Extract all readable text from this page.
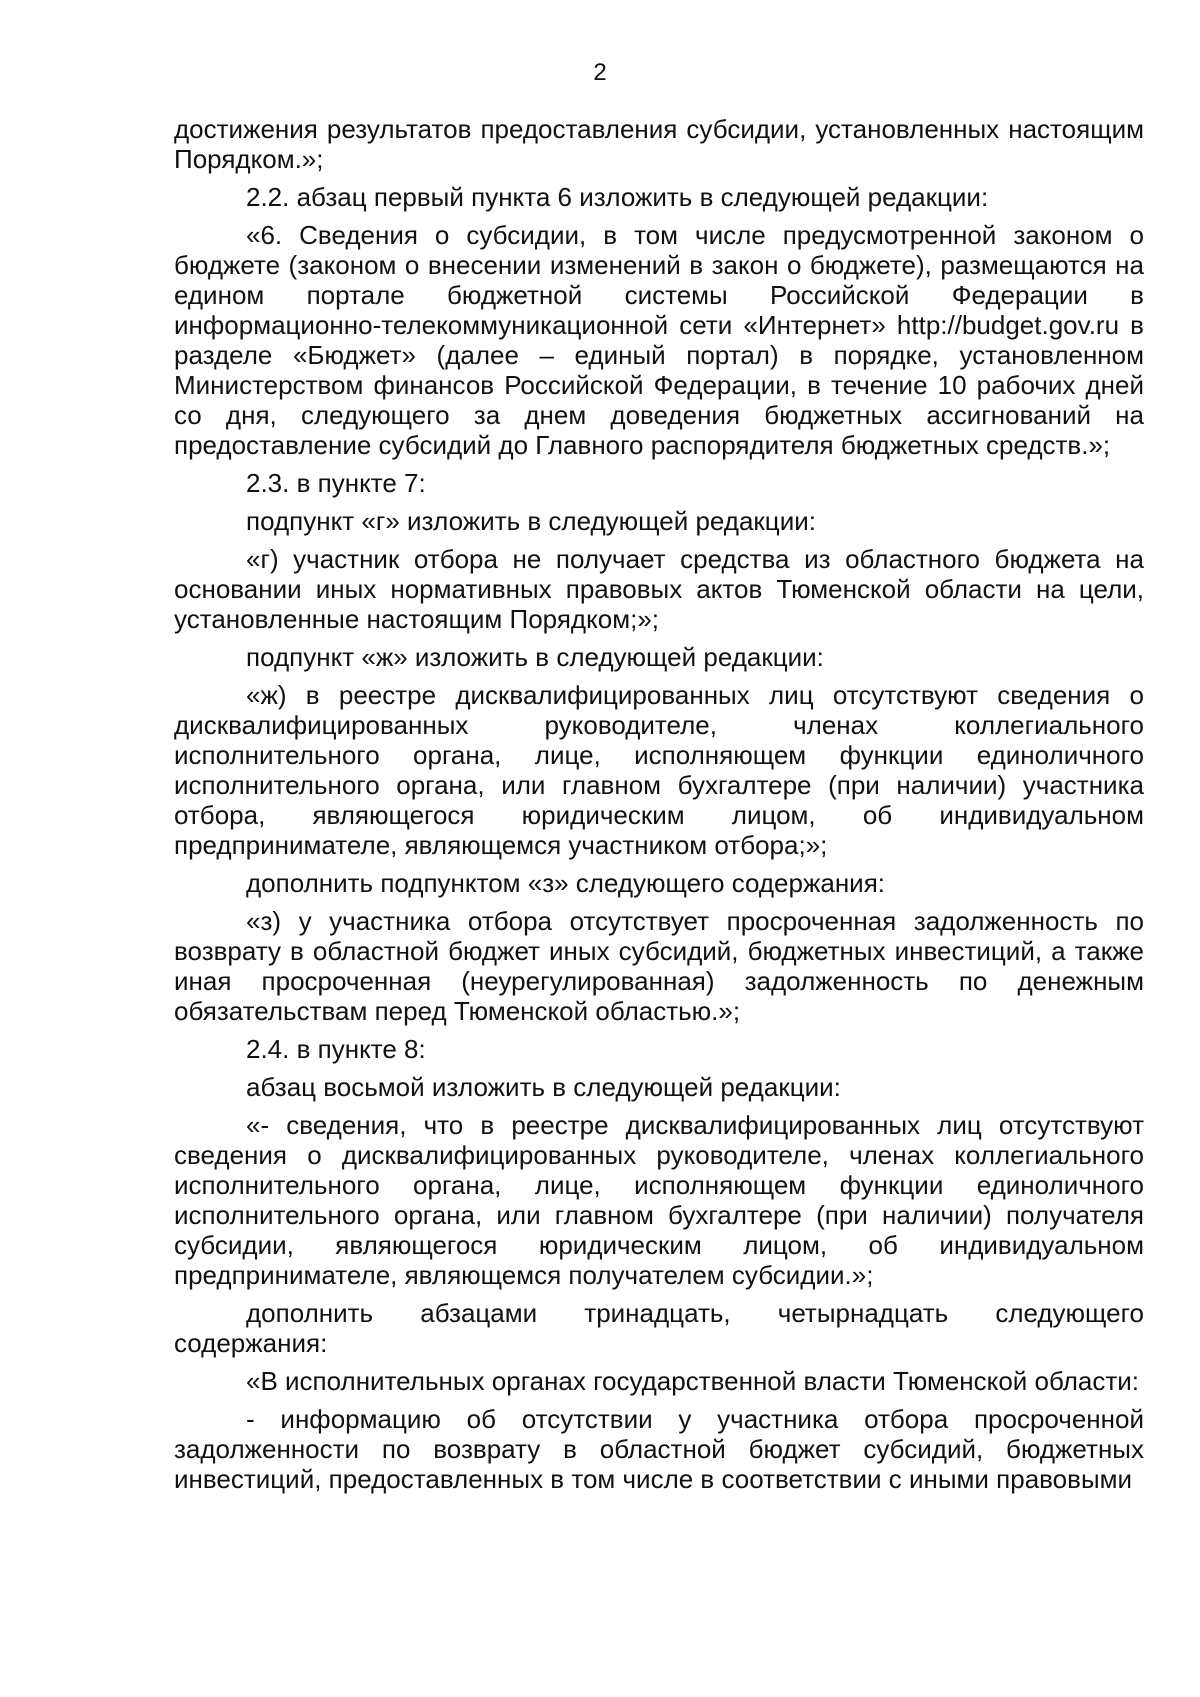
2

достижения результатов предоставления субсидии, установленных настоящим Порядком.»;

2.2. абзац первый пункта 6 изложить в следующей редакции:

«6. Сведения о субсидии, в том числе предусмотренной законом о бюджете (законом о внесении изменений в закон о бюджете), размещаются на едином портале бюджетной системы Российской Федерации в информационно-телекоммуникационной сети «Интернет» http://budget.gov.ru в разделе «Бюджет» (далее – единый портал) в порядке, установленном Министерством финансов Российской Федерации, в течение 10 рабочих дней со дня, следующего за днем доведения бюджетных ассигнований на предоставление субсидий до Главного распорядителя бюджетных средств.»;

2.3. в пункте 7:

подпункт «г» изложить в следующей редакции:

«г) участник отбора не получает средства из областного бюджета на основании иных нормативных правовых актов Тюменской области на цели, установленные настоящим Порядком;»;

подпункт «ж» изложить в следующей редакции:

«ж) в реестре дисквалифицированных лиц отсутствуют сведения о дисквалифицированных руководителе, членах коллегиального исполнительного органа, лице, исполняющем функции единоличного исполнительного органа, или главном бухгалтере (при наличии) участника отбора, являющегося юридическим лицом, об индивидуальном предпринимателе, являющемся участником отбора;»;

дополнить подпунктом «з» следующего содержания:

«з) у участника отбора отсутствует просроченная задолженность по возврату в областной бюджет иных субсидий, бюджетных инвестиций, а также иная просроченная (неурегулированная) задолженность по денежным обязательствам перед Тюменской областью.»;

2.4. в пункте 8:

абзац восьмой изложить в следующей редакции:

«- сведения, что в реестре дисквалифицированных лиц отсутствуют сведения о дисквалифицированных руководителе, членах коллегиального исполнительного органа, лице, исполняющем функции единоличного исполнительного органа, или главном бухгалтере (при наличии) получателя субсидии, являющегося юридическим лицом, об индивидуальном предпринимателе, являющемся получателем субсидии.»;

дополнить абзацами тринадцать, четырнадцать следующего содержания:

«В исполнительных органах государственной власти Тюменской области:

- информацию об отсутствии у участника отбора просроченной задолженности по возврату в областной бюджет субсидий, бюджетных инвестиций, предоставленных в том числе в соответствии с иными правовыми
